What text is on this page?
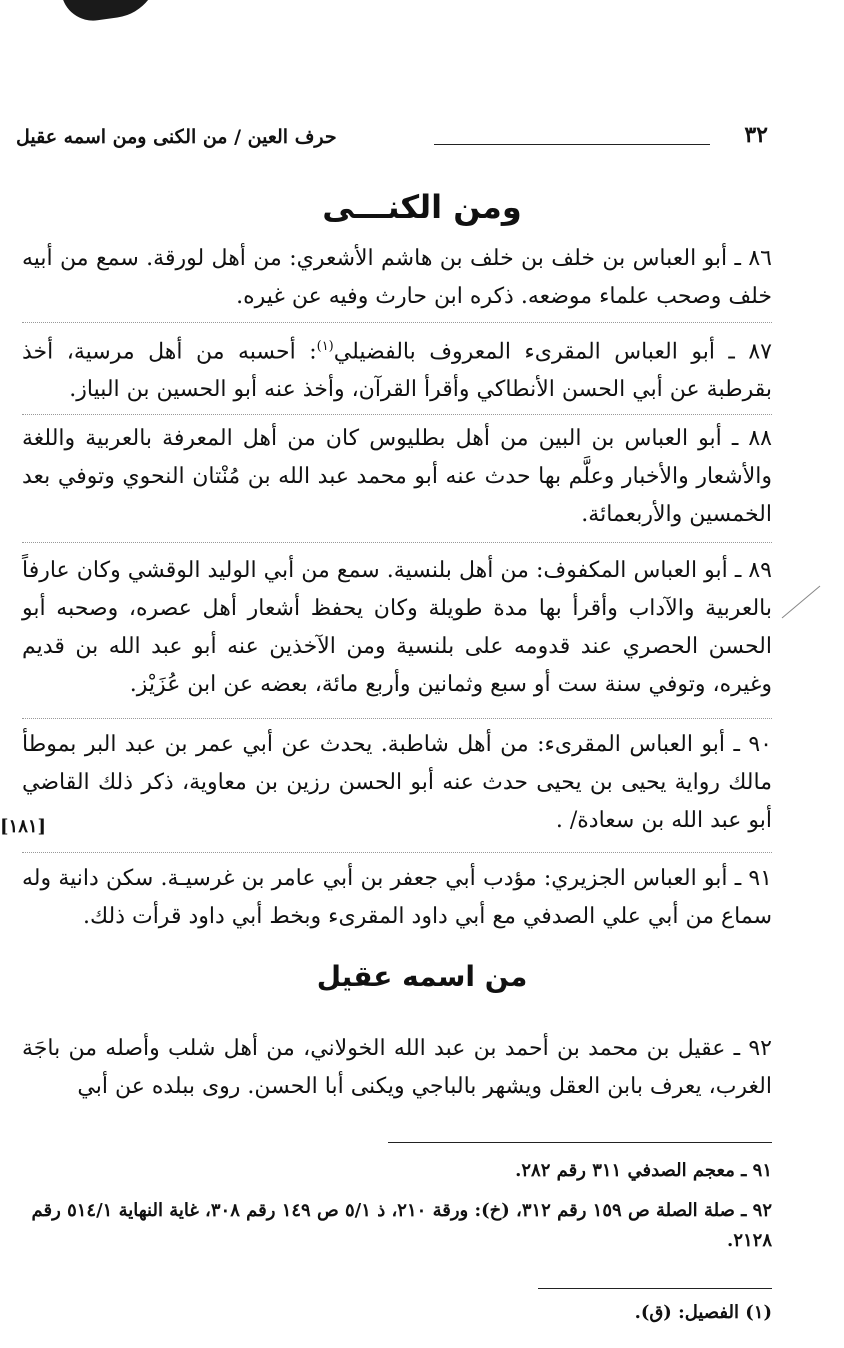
٣٢
حرف العين / من الكنى ومن اسمه عقيل
ومن الكنـــى

٨٦ ـ أبو العباس بن خلف بن خلف بن هاشم الأشعري: من أهل لورقة. سمع من أبيه خلف وصحب علماء موضعه. ذكره ابن حارث وفيه عن غيره.

٨٧ ـ أبو العباس المقرىء المعروف بالفضيلي$^{(١)}$: أحسبه من أهل مرسية، أخذ بقرطبة عن أبي الحسن الأنطاكي وأقرأ القرآن، وأخذ عنه أبو الحسين بن البياز.

٨٨ ـ أبو العباس بن البين من أهل بطليوس كان من أهل المعرفة بالعربية واللغة والأشعار والأخبار وعلَّم بها حدث عنه أبو محمد عبد الله بن مُنْتان النحوي وتوفي بعد الخمسين والأربعمائة.

٨٩ ـ أبو العباس المكفوف: من أهل بلنسية. سمع من أبي الوليد الوقشي وكان عارفاً بالعربية والآداب وأقرأ بها مدة طويلة وكان يحفظ أشعار أهل عصره، وصحبه أبو الحسن الحصري عند قدومه على بلنسية ومن الآخذين عنه أبو عبد الله بن قديم وغيره، وتوفي سنة ست أو سبع وثمانين وأربع مائة، بعضه عن ابن عُزَيْز.

٩٠ ـ أبو العباس المقرىء: من أهل شاطبة. يحدث عن أبي عمر بن عبد البر بموطأ مالك رواية يحيى بن يحيى حدث عنه أبو الحسن رزين بن معاوية، ذكر ذلك القاضي أبو عبد الله بن سعادة/ .

[١٨١]

٩١ ـ أبو العباس الجزيري: مؤدب أبي جعفر بن أبي عامر بن غرسيـة. سكن دانية وله سماع من أبي علي الصدفي مع أبي داود المقرىء وبخط أبي داود قرأت ذلك.

من اسمه عقيل

٩٢ ـ عقيل بن محمد بن أحمد بن عبد الله الخولاني، من أهل شلب وأصله من باجَة الغرب، يعرف بابن العقل ويشهر بالباجي ويكنى أبا الحسن. روى ببلده عن أبي

٩١ ـ معجم الصدفي ٣١١ رقم ٢٨٢.

٩٢ ـ صلة الصلة ص ١٥٩ رقم ٣١٢، (خ): ورقة ٢١٠، ذ ٥/١ ص ١٤٩ رقم ٣٠٨، غاية النهاية ٥١٤/١ رقم ٢١٢٨.

(١) الفصيل: (ق).
